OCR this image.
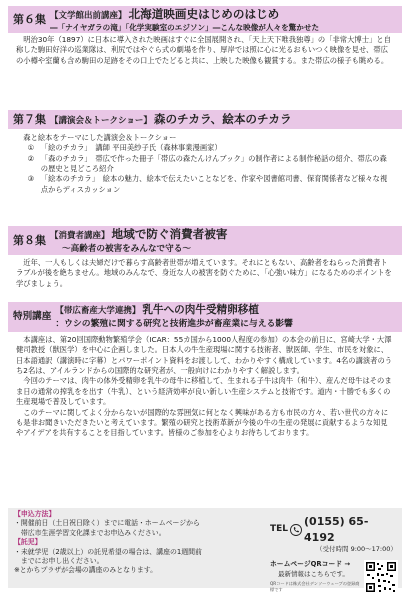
第６集 【文学館出前講座】 北海道映画史はじめのはじめ
―「ナイヤガラの滝」「化学実験室のエジソン」―こんな映像が人々を驚かせた

明治30年（1897）に日本に導入された映画はすぐに全国展開され、「天上天下唯我独尊」の「非常大博士」と自称した駒田好洋の巡業隊は、利尻ではやぐら式の劇場を作り、厚岸では照に心に光るおもいつく映像を見せ、帯広の小樽や室蘭も含め駒田の足跡をその口上でたどると共に、上映した映像も観賞する。また帯広の様子も眺める。

第７集 【講演会＆トークショー】 森のチカラ、絵本のチカラ
森と絵本をテーマにした講演会＆トークショー
① 「絵のチカラ」　講師 平田美紗子氏（森林事業漫画家）
② 「森のチカラ」　帯広で作った冊子「帯広の森たんけんブック」の制作者による制作秘話の紹介、帯広の森の歴史と見どころ紹介
③ 「絵本のチカラ」　絵本の魅力、絵本で伝えたいことなどを、作家や図書館司書、保育関係者など様々な視点からディスカッション
第８集 【消費者講座】 地域で防ぐ消費者被害
〜高齢者の被害をみんなで守る〜

近年、一人もしくは夫婦だけで暮らす高齢者世帯が増えています。それにともない、高齢者をねらった消費者トラブルが後を絶ちません。地域のみんなで、身近な人の被害を防ぐために、「心強い味方」になるためのポイントを学びましょう。

特別講座
【帯広畜産大学連携】 乳牛への肉牛受精卵移植
：ウシの繁殖に関する研究と技術進歩が畜産業に与える影響

本講座は、第20回国際動物繁殖学会（ICAR：55カ国から1000人程度の参加）の本会の前日に、宮崎大学・大澤健司教授（獣医学）を中心に企画しました。日本人の牛生産現場に関する技術者、獣医師、学生、市民を対象に、日本語通訳（講演時に字幕）とパワーポイント資料をお渡しして、わかりやすく構成しています。4名の講演者のうち2名は、アイルランドからの国際的な研究者が、一般向けにわかりやすく解説します。

今回のテーマは、肉牛の体外受精卵を乳牛の母牛に移植して、生まれる子牛は肉牛（和牛）、産んだ母牛はそのまま日の通常の搾乳をを出す（牛乳）、という経済効率が良い新しい生産システムと技術です。道内・十勝でも多くの生産現場で普及しています。

このテーマに関してよく分からないが国際的な雰囲気に何となく興味がある方も市民の方々、若い世代の方々にも是非お聞きいただきたいと考えています。繁殖の研究と技術革新が今後の牛の生産の発展に貢献するような知見やアイデアを共有することを目指しています。皆様のご参加を心よりお待ちしております。

【申込方法】
・開催前日（土日祝日除く）までに電話・ホームページから
　帯広市生涯学習文化課までお申込みください。
【託児】
・未就学児（2歳以上）の託児希望の場合は、講座の1週間前
　までにお申し出ください。
※とかちプラザが会場の講座のみとなります。
TEL
(0155) 65-4192
（受付時間 9:00〜17:00）
ホームページQRコード →
最新情報はこちらです。
QRコードは株式会社デンソーウェーブの登録商標です
